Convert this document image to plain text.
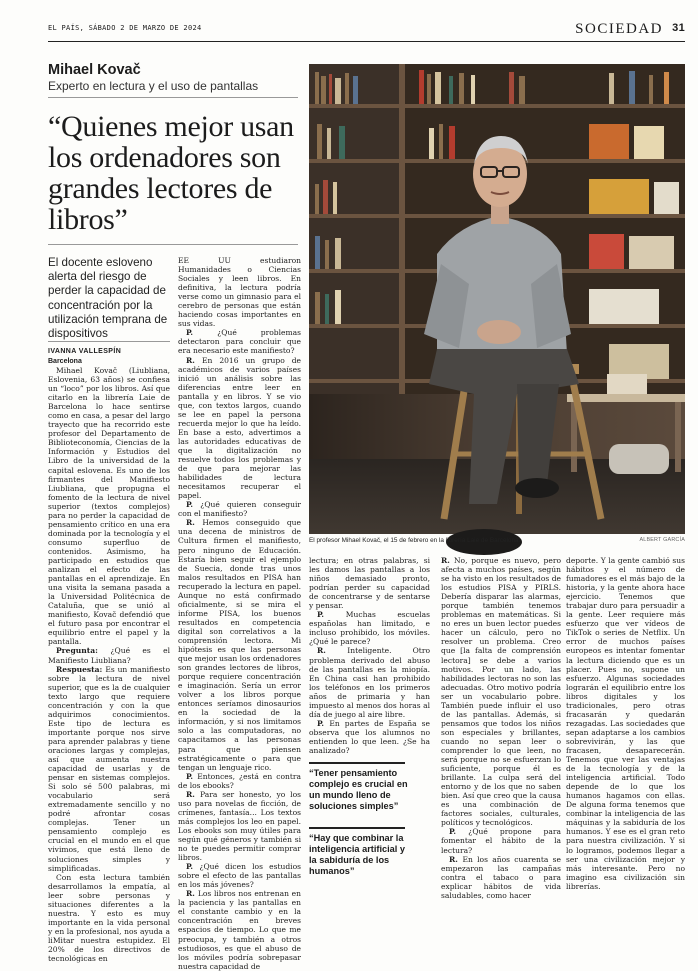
EL PAÍS, SÁBADO 2 DE MARZO DE 2024	SOCIEDAD 31
Mihael Kovač
Experto en lectura y el uso de pantallas
“Quienes mejor usan los ordenadores son grandes lectores de libros”
El docente esloveno alerta del riesgo de perder la capacidad de concentración por la utilización temprana de dispositivos
IVANNA VALLESPÍN
Barcelona
ALBERT GARCÍA
El profesor Mihael Kovač, el 15 de febrero en la librería Laie de Barcelona.

Mihael Kovač (Liubliana, Eslovenia, 63 años) se confiesa un “loco” por los libros. Así que citarlo en la librería Laie de Barcelona lo hace sentirse como en casa, a pesar del largo trayecto que ha recorrido este profesor del Departamento de Biblioteconomía, Ciencias de la Información y Estudios del Libro de la universidad de la capital eslovena. Es uno de los firmantes del Manifiesto Liubliana, que propugna el fomento de la lectura de nivel superior (textos complejos) para no perder la capacidad de pensamiento crítico en una era dominada por la tecnología y el consumo superfluo de contenidos. Asimismo, ha participado en estudios que analizan el efecto de las pantallas en el aprendizaje. En una visita la semana pasada a la Universidad Politécnica de Cataluña, que se unió al manifiesto, Kovač defendió que el futuro pasa por encontrar el equilibrio entre el papel y la pantalla.

Pregunta: ¿Qué es el Manifiesto Liubliana?

Respuesta: Es un manifiesto sobre la lectura de nivel superior, que es la de cualquier texto largo que requiere concentración y con la que adquirimos conocimientos. Este tipo de lectura es importante porque nos sirve para aprender palabras y tiene oraciones largas y complejas, así que aumenta nuestra capacidad de usarlas y de pensar en sistemas complejos. Si solo sé 500 palabras, mi vocabulario será extremadamente sencillo y no podré afrontar cosas complejas. Tener un pensamiento complejo es crucial en el mundo en el que vivimos, que está lleno de soluciones simples y simplificadas.

Con esta lectura también desarrollamos la empatía, al leer sobre personas y situaciones diferentes a la nuestra. Y esto es muy importante en la vida personal y en la profesional, nos ayuda a liMitar nuestra estupidez. El 20% de los directivos de tecnológicas en

EE UU estudiaron Humanidades o Ciencias Sociales y leen libros. En definitiva, la lectura podría verse como un gimnasio para el cerebro de personas que están haciendo cosas importantes en sus vidas.

P. ¿Qué problemas detectaron para concluir que era necesario este manifiesto?

R. En 2016 un grupo de académicos de varios países inició un análisis sobre las diferencias entre leer en pantalla y en libros. Y se vio que, con textos largos, cuando se lee en papel la persona recuerda mejor lo que ha leído. En base a esto, advertimos a las autoridades educativas de que la digitalización no resuelve todos los problemas y de que para mejorar las habilidades de lectura necesitamos recuperar el papel.

P. ¿Qué quieren conseguir con el manifiesto?

R. Hemos conseguido que una decena de ministros de Cultura firmen el manifiesto, pero ninguno de Educación. Estaría bien seguir el ejemplo de Suecia, donde tras unos malos resultados en PISA han recuperado la lectura en papel. Aunque no está confirmado oficialmente, si se mira el informe PISA, los buenos resultados en competencia digital son correlativos a la comprensión lectora. Mi hipótesis es que las personas que mejor usan los ordenadores son grandes lectores de libros, porque requiere concentración e imaginación. Sería un error volver a los libros porque entonces seríamos dinosaurios en la sociedad de la información, y si nos limitamos solo a las computadoras, no capacitamos a las personas para que piensen estratégicamente o para que tengan un lenguaje rico.

P. Entonces, ¿está en contra de los ebooks?

R. Para ser honesto, yo los uso para novelas de ficción, de crímenes, fantasía... Los textos más complejos los leo en papel. Los ebooks son muy útiles para según qué géneros y también si no te puedes permitir comprar libros.

P. ¿Qué dicen los estudios sobre el efecto de las pantallas en los más jóvenes?

R. Los libros nos entrenan en la paciencia y las pantallas en el constante cambio y en la concentración en breves espacios de tiempo. Lo que me preocupa, y también a otros estudiosos, es que el abuso de los móviles podría sobrepasar nuestra capacidad de

lectura; en otras palabras, si les damos las pantallas a los niños demasiado pronto, podrían perder su capacidad de concentrarse y de sentarse y pensar.

P. Muchas escuelas españolas han limitado, e incluso prohibido, los móviles. ¿Qué le parece?

R. Inteligente. Otro problema derivado del abuso de las pantallas es la miopía. En China casi han prohibido los teléfonos en los primeros años de primaria y han impuesto al menos dos horas al día de juego al aire libre.

P. En partes de España se observa que los alumnos no entienden lo que leen. ¿Se ha analizado?

R. No, porque es nuevo, pero afecta a muchos países, según se ha visto en los resultados de los estudios PISA y PIRLS. Debería disparar las alarmas, porque también tenemos problemas en matemáticas. Si no eres un buen lector puedes hacer un cálculo, pero no resolver un problema. Creo que [la falta de comprensión lectora] se debe a varios motivos. Por un lado, las habilidades lectoras no son las adecuadas. Otro motivo podría ser un vocabulario pobre. También puede influir el uso de las pantallas. Además, si pensamos que todos los niños son especiales y brillantes, cuando no sepan leer o comprender lo que leen, no será porque no se esfuerzan lo suficiente, porque él es brillante. La culpa será del entorno y de los que no saben bien. Así que creo que la causa es una combinación de factores sociales, culturales, políticos y tecnológicos.

P. ¿Qué propone para fomentar el hábito de la lectura?

R. En los años cuarenta se empezaron las campañas contra el tabaco o para explicar hábitos de vida saludables, como hacer

deporte. Y la gente cambió sus hábitos y el número de fumadores es el más bajo de la historia, y la gente ahora hace ejercicio. Tenemos que trabajar duro para persuadir a la gente. Leer requiere más esfuerzo que ver vídeos de TikTok o series de Netflix. Un error de muchos países europeos es intentar fomentar la lectura diciendo que es un placer. Pues no, supone un esfuerzo. Algunas sociedades lograrán el equilibrio entre los libros digitales y los tradicionales, pero otras fracasarán y quedarán rezagadas. Las sociedades que sepan adaptarse a los cambios sobrevivirán, y las que fracasen, desaparecerán. Tenemos que ver las ventajas de la tecnología y de la inteligencia artificial. Todo depende de lo que los humanos hagamos con ellas. De alguna forma tenemos que combinar la inteligencia de las máquinas y la sabiduría de los humanos. Y ese es el gran reto para nuestra civilización. Y si lo logramos, podemos llegar a ser una civilización mejor y más interesante. Pero no imagino esa civilización sin librerías.

“Tener pensamiento complejo es crucial en un mundo lleno de soluciones simples”
“Hay que combinar la inteligencia artificial y la sabiduría de los humanos”
